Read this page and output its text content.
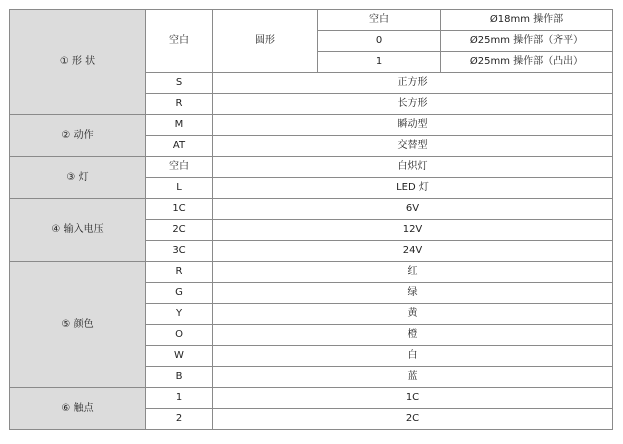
① 形 状	空白	圆形	空白	Ø18mm 操作部
			0	Ø25mm 操作部（齐平）
			1	Ø25mm 操作部（凸出）
	S	正方形		
	R	长方形		
② 动作	M	瞬动型		
	AT	交替型		
③ 灯	空白	白炽灯		
	L	LED 灯		
④ 输入电压	1C	6V		
	2C	12V		
	3C	24V		
⑤ 颜色	R	红		
	G	绿		
	Y	黄		
	O	橙		
	W	白		
	B	蓝		
⑥ 触点	1	1C		
	2	2C		
